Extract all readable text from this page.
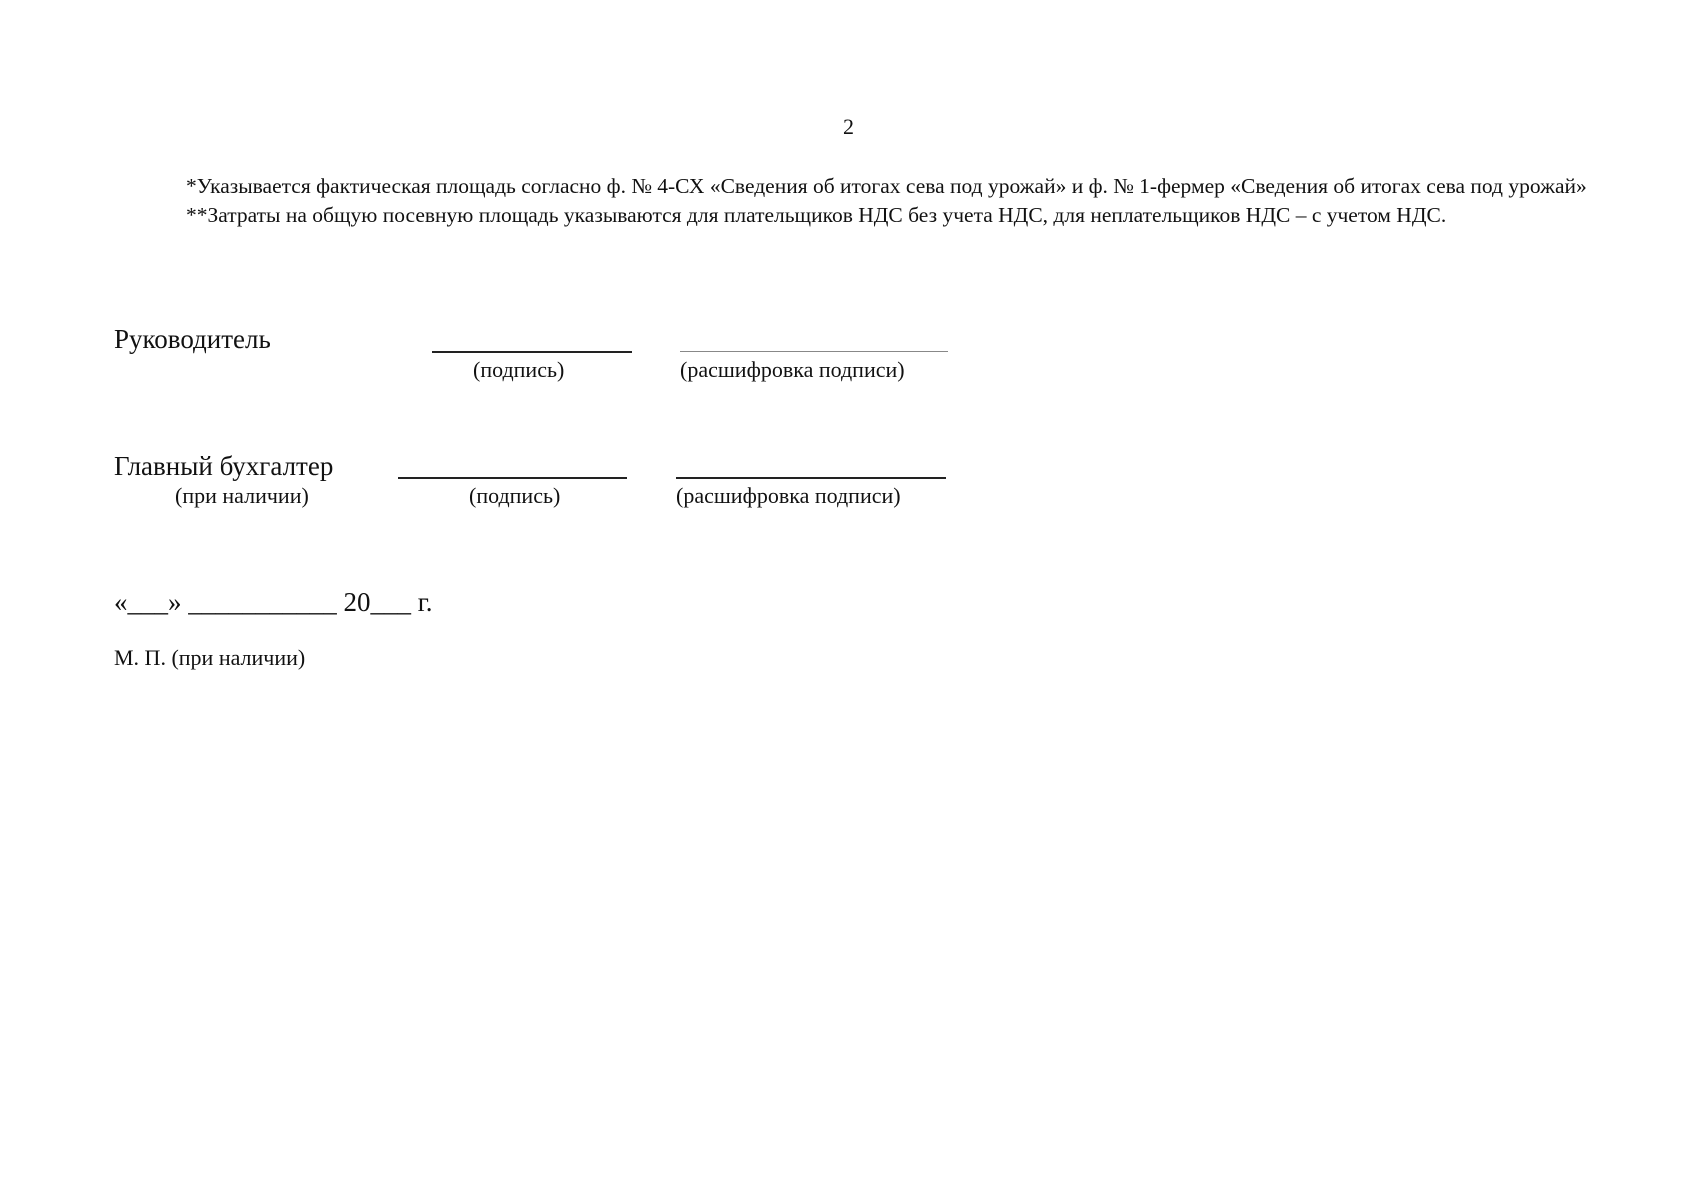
2

*Указывается фактическая площадь согласно ф. № 4-СХ «Сведения об итогах сева под урожай» и ф. № 1-фермер «Сведения об итогах сева под урожай»

**Затраты на общую посевную площадь указываются для плательщиков НДС без учета НДС, для неплательщиков НДС – с учетом НДС.

Руководитель
(подпись)	(расшифровка подписи)
Главный бухгалтер
(при наличии)	(подпись)	(расшифровка подписи)
«___» ___________ 20___ г.
М. П. (при наличии)
